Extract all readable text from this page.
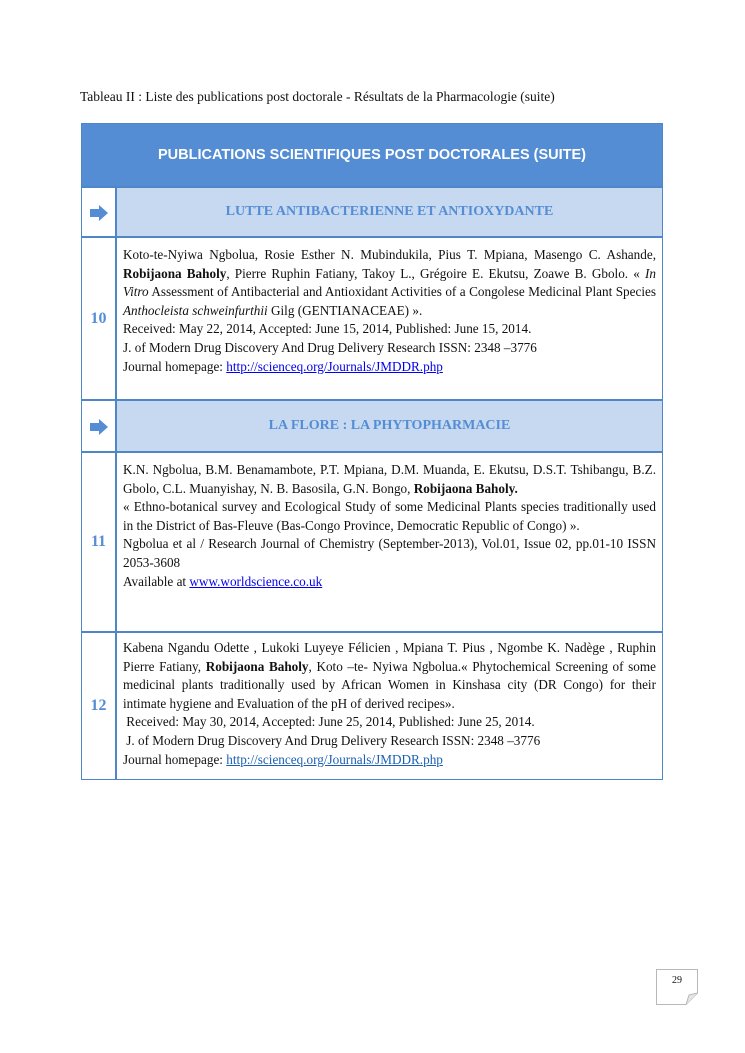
Tableau II : Liste des publications post doctorale - Résultats de la Pharmacologie (suite)
PUBLICATIONS SCIENTIFIQUES POST DOCTORALES (SUITE)
LUTTE ANTIBACTERIENNE ET ANTIOXYDANTE
10
Koto-te-Nyiwa Ngbolua, Rosie Esther N. Mubindukila, Pius T. Mpiana, Masengo C. Ashande, Robijaona Baholy, Pierre Ruphin Fatiany, Takoy L., Grégoire E. Ekutsu, Zoawe B. Gbolo. « In Vitro Assessment of Antibacterial and Antioxidant Activities of a Congolese Medicinal Plant Species Anthocleista schweinfurthii Gilg (GENTIANACEAE) ».
Received: May 22, 2014, Accepted: June 15, 2014, Published: June 15, 2014.
J. of Modern Drug Discovery And Drug Delivery Research ISSN: 2348 –3776
Journal homepage: http://scienceq.org/Journals/JMDDR.php
LA FLORE : LA PHYTOPHARMACIE
11
K.N. Ngbolua, B.M. Benamambote, P.T. Mpiana, D.M. Muanda, E. Ekutsu, D.S.T. Tshibangu, B.Z. Gbolo, C.L. Muanyishay, N. B. Basosila, G.N. Bongo, Robijaona Baholy.
« Ethno-botanical survey and Ecological Study of some Medicinal Plants species traditionally used in the District of Bas-Fleuve (Bas-Congo Province, Democratic Republic of Congo) ».
Ngbolua et al / Research Journal of Chemistry (September-2013), Vol.01, Issue 02, pp.01-10 ISSN 2053-3608
Available at www.worldscience.co.uk
12
Kabena Ngandu Odette , Lukoki Luyeye Félicien , Mpiana T. Pius , Ngombe K. Nadège , Ruphin Pierre Fatiany, Robijaona Baholy, Koto –te- Nyiwa Ngbolua.« Phytochemical Screening of some medicinal plants traditionally used by African Women in Kinshasa city (DR Congo) for their intimate hygiene and Evaluation of the pH of derived recipes».
Received: May 30, 2014, Accepted: June 25, 2014, Published: June 25, 2014.
J. of Modern Drug Discovery And Drug Delivery Research ISSN: 2348 –3776
Journal homepage: http://scienceq.org/Journals/JMDDR.php
29
